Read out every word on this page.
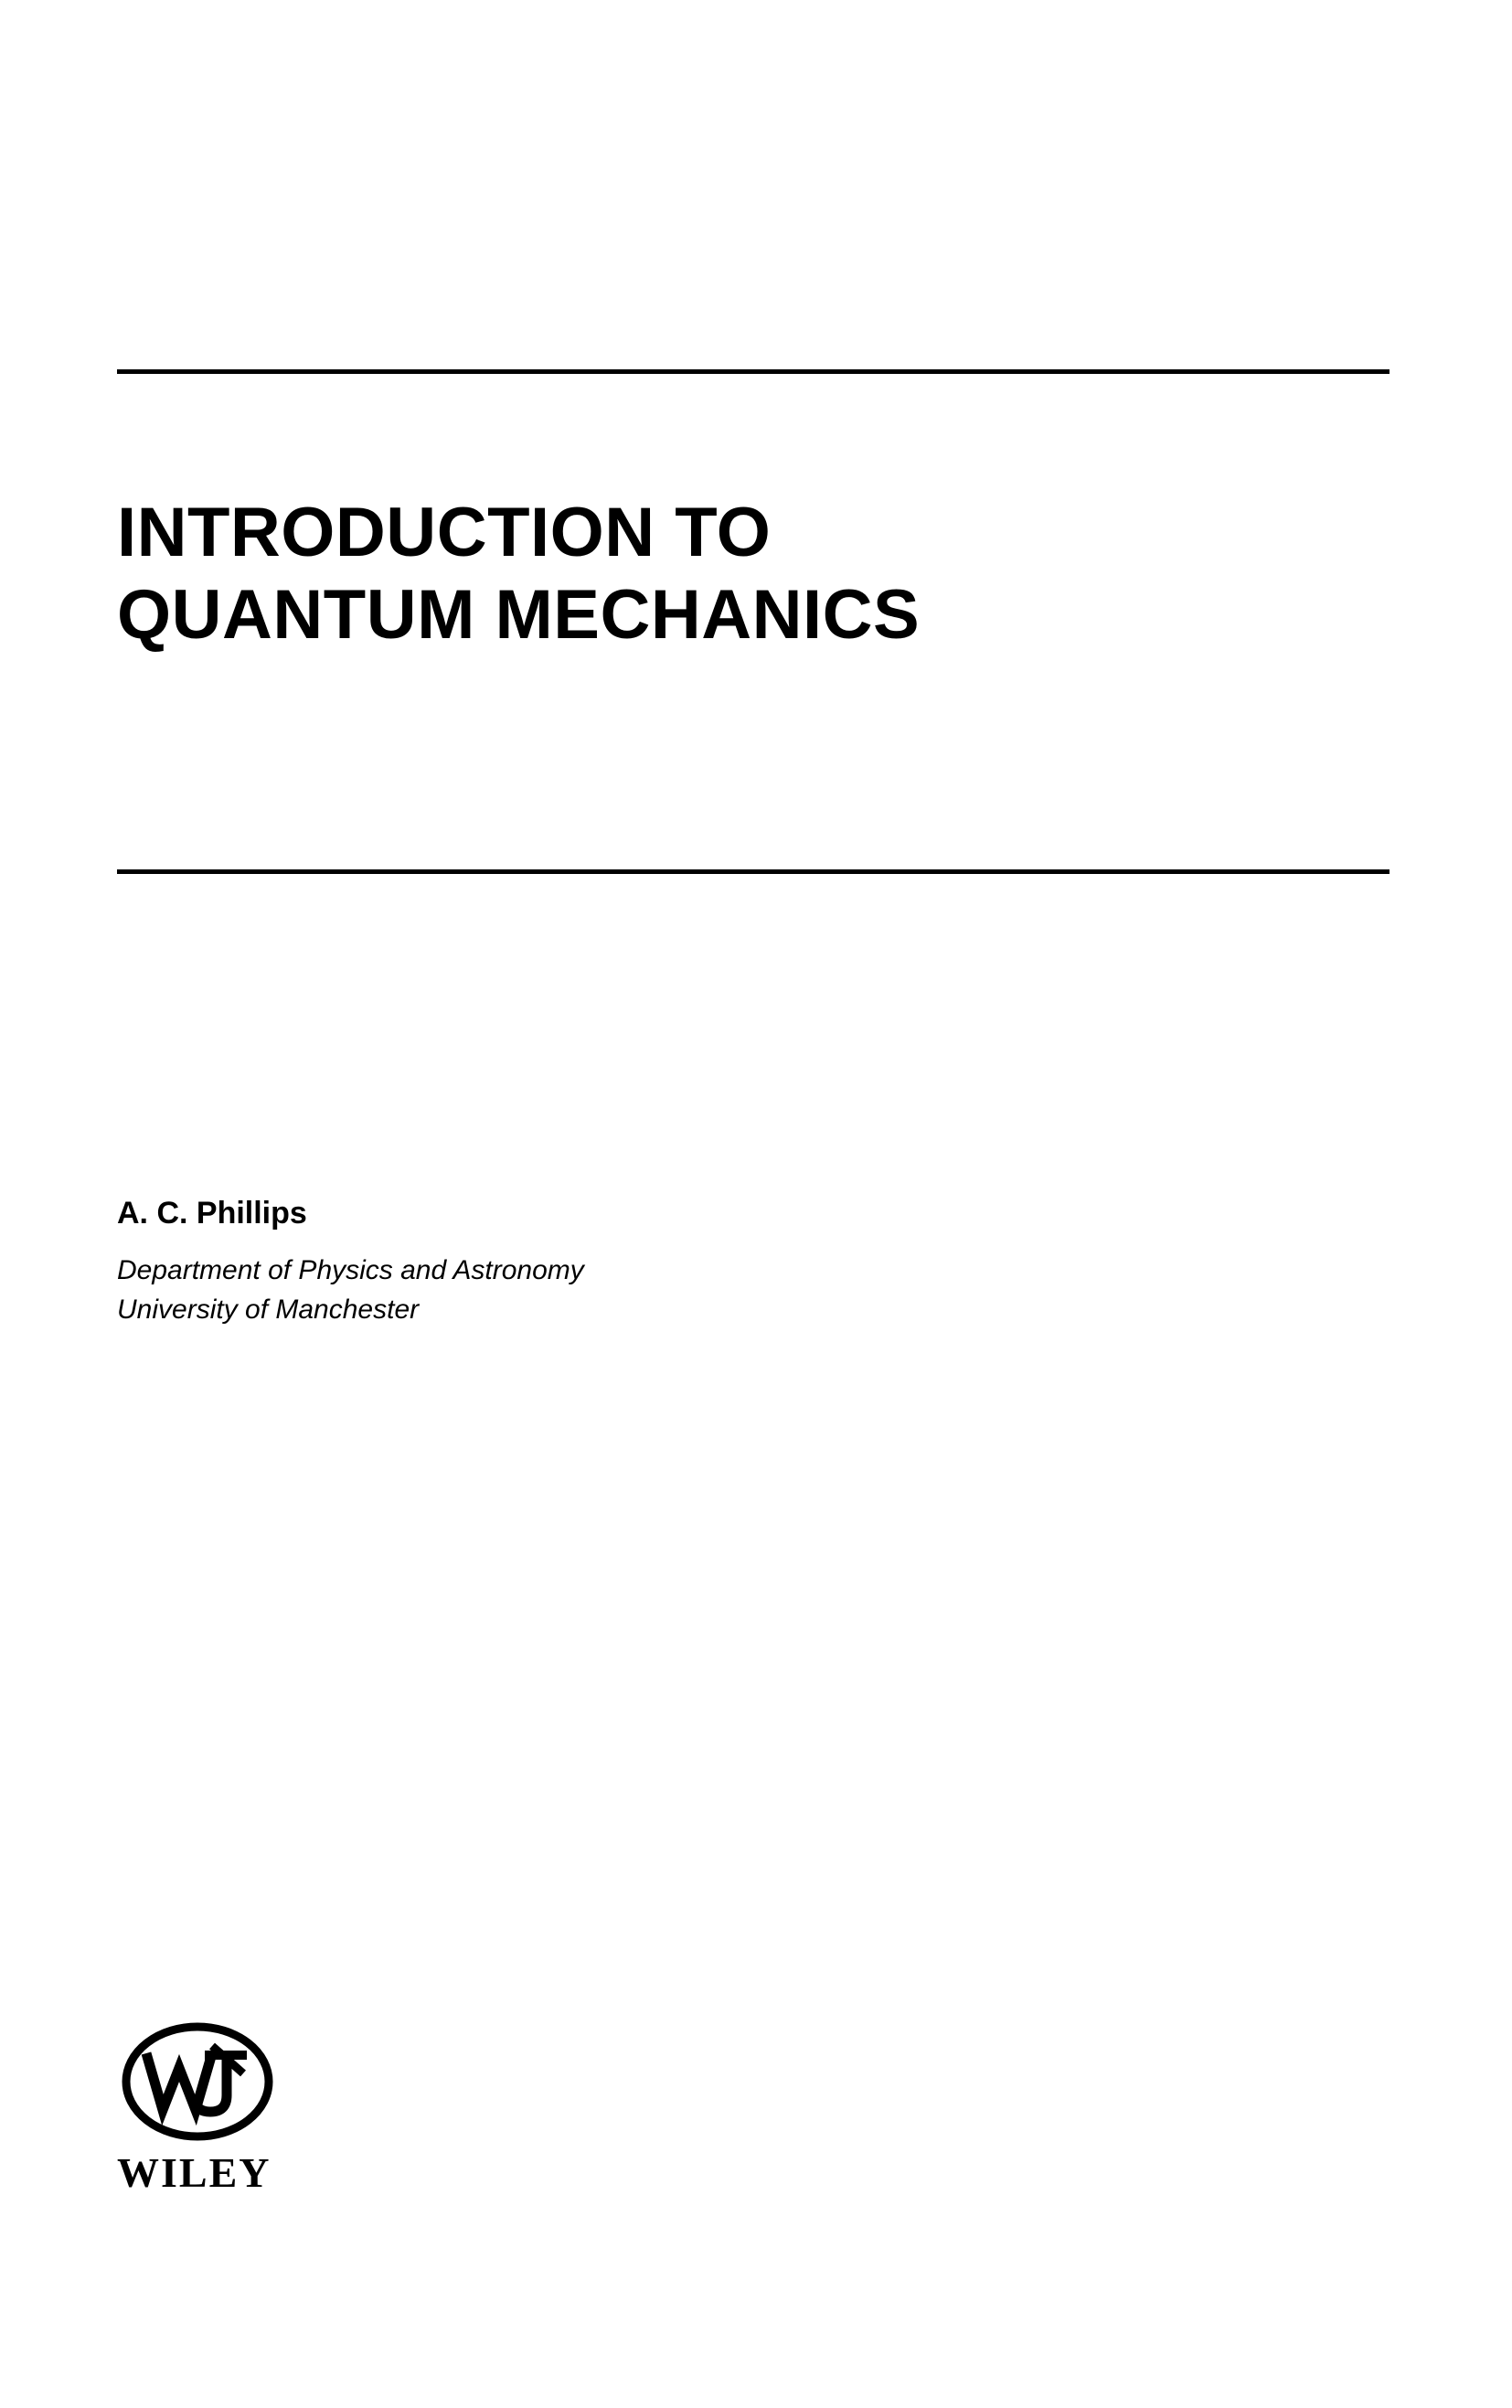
INTRODUCTION TO
QUANTUM MECHANICS
A. C. Phillips
Department of Physics and Astronomy
University of Manchester
WILEY
